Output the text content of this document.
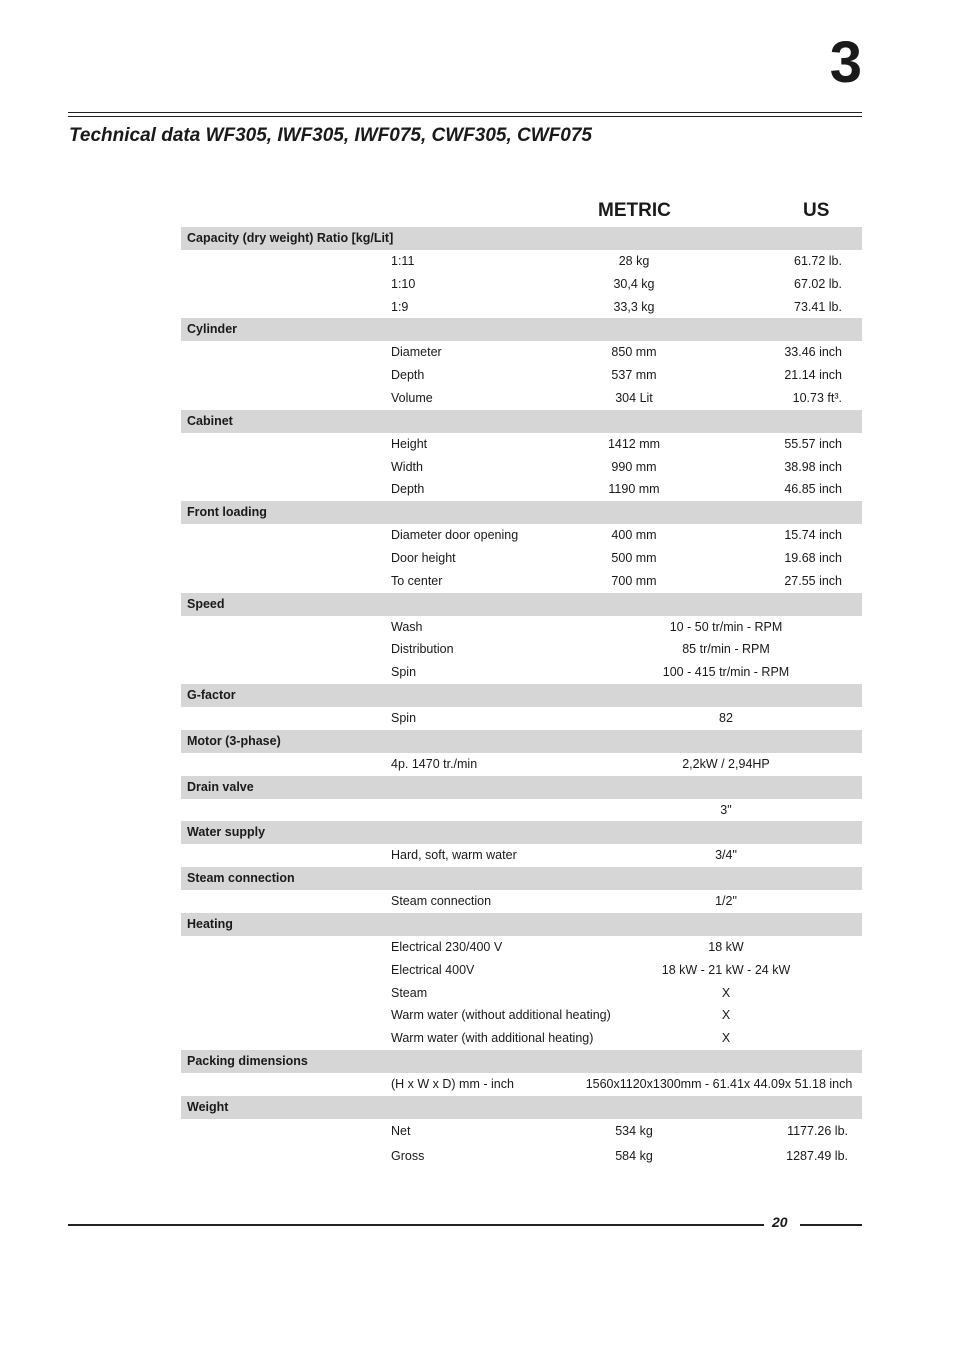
3
Technical data WF305, IWF305, IWF075, CWF305, CWF075
METRIC	US
Capacity (dry weight) Ratio [kg/Lit]
1:11	28 kg	61.72 lb.
1:10	30,4 kg	67.02 lb.
1:9	33,3 kg	73.41 lb.
Cylinder
Diameter	850 mm	33.46 inch
Depth	537 mm	21.14 inch
Volume	304 Lit	10.73 ft³.
Cabinet
Height	1412 mm	55.57 inch
Width	990 mm	38.98 inch
Depth	1190 mm	46.85 inch
Front loading
Diameter door opening	400 mm	15.74 inch
Door height	500 mm	19.68 inch
To center	700 mm	27.55 inch
Speed
Wash	10 - 50 tr/min - RPM
Distribution	85 tr/min - RPM
Spin	100 - 415 tr/min - RPM
G-factor
Spin	82
Motor (3-phase)
4p. 1470 tr./min	2,2kW / 2,94HP
Drain valve
3"
Water supply
Hard, soft, warm water	3/4"
Steam connection
Steam connection	1/2"
Heating
Electrical 230/400 V	18 kW
Electrical 400V	18 kW - 21 kW - 24 kW
Steam	X
Warm water (without additional heating)	X
Warm water (with additional heating)	X
Packing dimensions
(H x W x D) mm - inch	1560x1120x1300mm - 61.41x 44.09x 51.18 inch
Weight
Net	534 kg	1177.26 lb.
Gross	584 kg	1287.49 lb.
20
